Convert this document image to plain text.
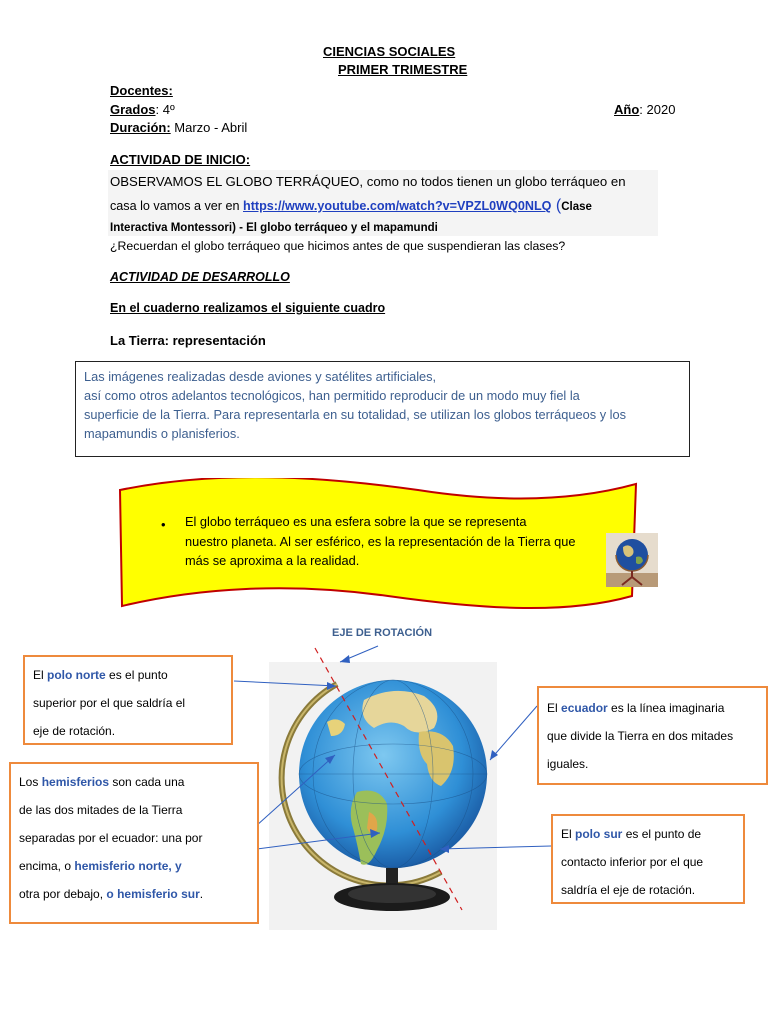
CIENCIAS SOCIALES
PRIMER TRIMESTRE
Docentes:
Grados: 4º	Año: 2020
Duración: Marzo - Abril
ACTIVIDAD DE INICIO:
OBSERVAMOS EL GLOBO TERRÁQUEO, como no todos tienen un globo terráqueo en
casa lo vamos a ver en https://www.youtube.com/watch?v=VPZL0WQ0NLQ (Clase
Interactiva Montessori) - El globo terráqueo y el mapamundi
¿Recuerdan el globo terráqueo que hicimos antes de que suspendieran las clases?
ACTIVIDAD DE DESARROLLO
En el cuaderno realizamos el siguiente cuadro
La Tierra: representación
Las imágenes realizadas desde aviones y satélites artificiales,
así como otros adelantos tecnológicos, han permitido reproducir de un modo muy fiel la
superficie de la Tierra. Para representarla en su totalidad, se utilizan los globos terráqueos y los
mapamundis o planisferios.
• El globo terráqueo es una esfera sobre la que se representa
nuestro planeta. Al ser esférico, es la representación de la Tierra que
más se aproxima a la realidad.
EJE DE ROTACIÓN
El polo norte es el punto
superior por el que saldría el
eje de rotación.
El ecuador es la línea imaginaria
que divide la Tierra en dos mitades
iguales.
Los hemisferios son cada una
de las dos mitades de la Tierra
separadas por el ecuador: una por
encima, o hemisferio norte, y
otra por debajo, o hemisferio sur.
El polo sur es el punto de
contacto inferior por el que
saldría el eje de rotación.
